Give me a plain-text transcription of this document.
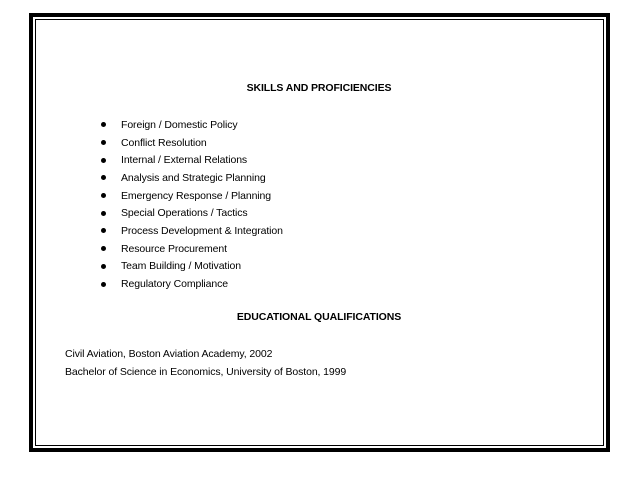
SKILLS AND PROFICIENCIES
Foreign / Domestic Policy
Conflict Resolution
Internal / External Relations
Analysis and Strategic Planning
Emergency Response / Planning
Special Operations / Tactics
Process Development & Integration
Resource Procurement
Team Building / Motivation
Regulatory Compliance
EDUCATIONAL QUALIFICATIONS
Civil Aviation, Boston Aviation Academy, 2002
Bachelor of Science in Economics, University of Boston, 1999
